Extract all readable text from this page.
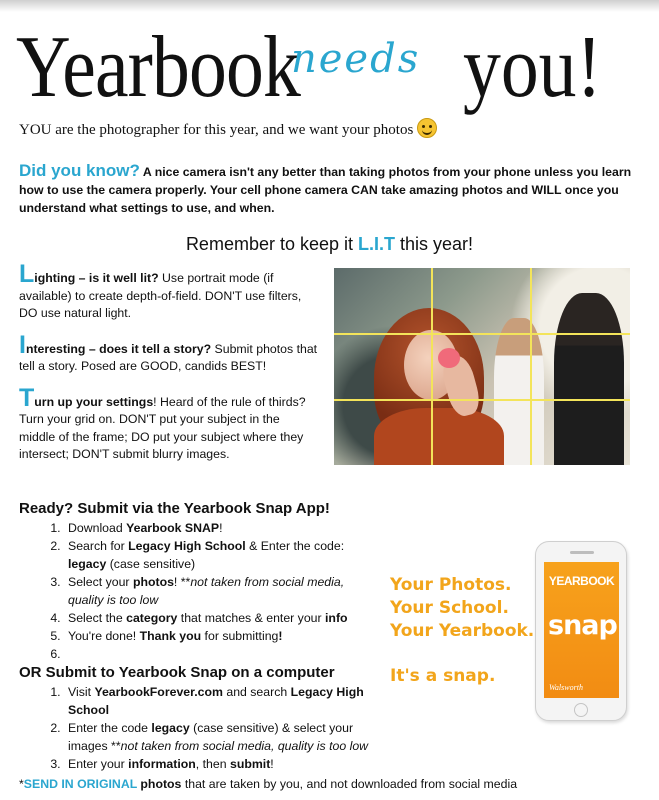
Yearbook
needs you!
YOU are the photographer for this year, and we want your photos

Did you know? A nice camera isn't any better than taking photos from your phone unless you learn how to use the camera properly. Your cell phone camera CAN take amazing photos and WILL once you understand what settings to use, and when.

Remember to keep it L.I.T this year!

Lighting – is it well lit? Use portrait mode (if available) to create depth-of-field. DON'T use filters, DO use natural light.

Interesting – does it tell a story? Submit photos that tell a story. Posed are GOOD, candids BEST!

Turn up your settings! Heard of the rule of thirds? Turn your grid on. DON'T put your subject in the middle of the frame; DO put your subject where they intersect; DON'T submit blurry images.

Ready? Submit via the Yearbook Snap App!
1. Download Yearbook SNAP!
2. Search for Legacy High School & Enter the code:
legacy (case sensitive)
3. Select your photos! **not taken from social media, quality is too low
4. Select the category that matches & enter your info
5. You're done! Thank you for submitting!
6.
OR Submit to Yearbook Snap on a computer
1. Visit YearbookForever.com and search Legacy High School
2. Enter the code legacy (case sensitive) & select your images **not taken from social media, quality is too low
3. Enter your information, then submit!
Your Photos.
Your School.
Your Yearbook.
It's a snap.
YEARBOOK
snap
Walsworth
*SEND IN ORIGINAL photos that are taken by you, and not downloaded from social media
